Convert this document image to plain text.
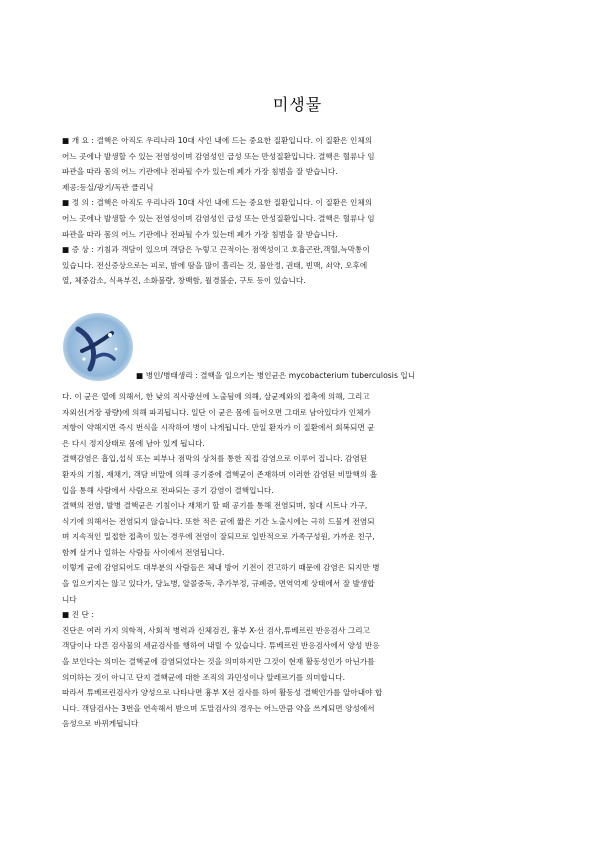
미생물
■ 개 요 : 결핵은 아직도 우리나라 10대 사인 내에 드는 중요한 질환입니다. 이 질환은 인체의
어느 곳에나 발생할 수 있는 전염성이며 감염성인 급성 또는 만성질환입니다. 결핵은 혈류나 임
파관을 따라 몸의 어느 기관에나 전파될 수가 있는데 폐가 가장 침범을 잘 받습니다.
제공:동실/광기/독관 클리닉
■ 정 의 : 결핵은 아직도 우리나라 10대 사인 내에 드는 중요한 질환입니다. 이 질환은 인체의
어느 곳에나 발생할 수 있는 전염성이며 감염성인 급성 또는 만성질환입니다. 결핵은 혈류나 임
파관을 따라 몸의 어느 기관에나 전파될 수가 있는데 폐가 가장 침범을 잘 받습니다.
■ 증 상 : 기침과 객담이 있으며 객담은 누렇고 끈적이는 점액성이고 호흡곤란,객혈,늑막통이
있습니다. 전신증상으로는 피로, 밤에 땀을 많이 흘리는 것, 불안정, 권태, 빈맥, 쇠약, 오후에
열, 체중감소, 식욕부진, 소화불량, 창백함, 월경불순, 구토 등이 있습니다.
■ 병인/병태생리 : 결핵을 일으키는 병인균은 mycobacterium tuberculosis 입니
다. 이 균은 열에 의해서, 한 낮의 직사광선에 노출됨에 의해, 살균제와의 접촉에 의해, 그리고
자외선(거장 광량)에 의해 파괴됩니다. 일단 이 균은 몸에 들어오면 그대로 남아있다가 인체가
저항이 약해지면 즉시 번식을 시작하여 병이 나게됩니다. 만일 환자가 이 질환에서 회복되면 균
은 다시 정지상태로 몸에 남아 있게 됩니다.
결핵감염은 흡입,섭식 또는 피부나 점막의 상처를 통한 직접 감염으로 이루어 집니다. 감염된
환자의 기침, 재채기, 객담 비말에 의해 공기중에 결핵균이 존재하며 이러한 감염된 비말핵의 흡
입을 통해 사람에서 사람으로 전파되는 공기 감염이 결핵입니다.
결핵의 전염, 발병 결핵균은 기침이나 재채기 할 때 공기를 통해 전염되며, 침대 시트나 가구,
식기에 의해서는 전염되지 않습니다. 또한 적은 균에 짧은 기간 노출시에는 극히 드물게 전염되
며 지속적인 밀접한 접촉이 있는 경우에 전염이 잘되므로 일반적으로 가족구성원, 가까운 친구,
함께 살거나 일하는 사람들 사이에서 전염됩니다.
이렇게 균에 감염되어도 대부분의 사람들은 체내 방어 기전이 견고하기 때문에 감염은 되지만 병
을 일으키지는 않고 있다가, 당뇨병, 알콜중독, 추가부정, 규폐증, 면역억제 상태에서 잘 발생합
니다
■ 진 단 :
진단은 여러 가지 의학적, 사회적 병력과 신체검진, 흉부 X-선 검사,튜베르린 반응검사 그리고
객담이나 다른 검사물의 세균검사를 행하여 내릴 수 있습니다. 튜베르린 반응검사에서 양성 반응
을 보인다는 의미는 결핵균에 감염되었다는 것을 의미하지만 그것이 현재 활동성인가 아닌가를
의미하는 것이 아니고 단지 결핵균에 대한 조직의 과민성이나 알레르기를 의미합니다.
따라서 튜베르린검사가 양성으로 나타나면 흉부 X선 검사를 하여 활동성 결핵인가를 알아내야 합
니다. 객담검사는 3번을 연속해서 받으며 도말검사의 경우는 어느만큼 약을 쓰게되면 양성에서
음성으로 바뀌게됩니다
